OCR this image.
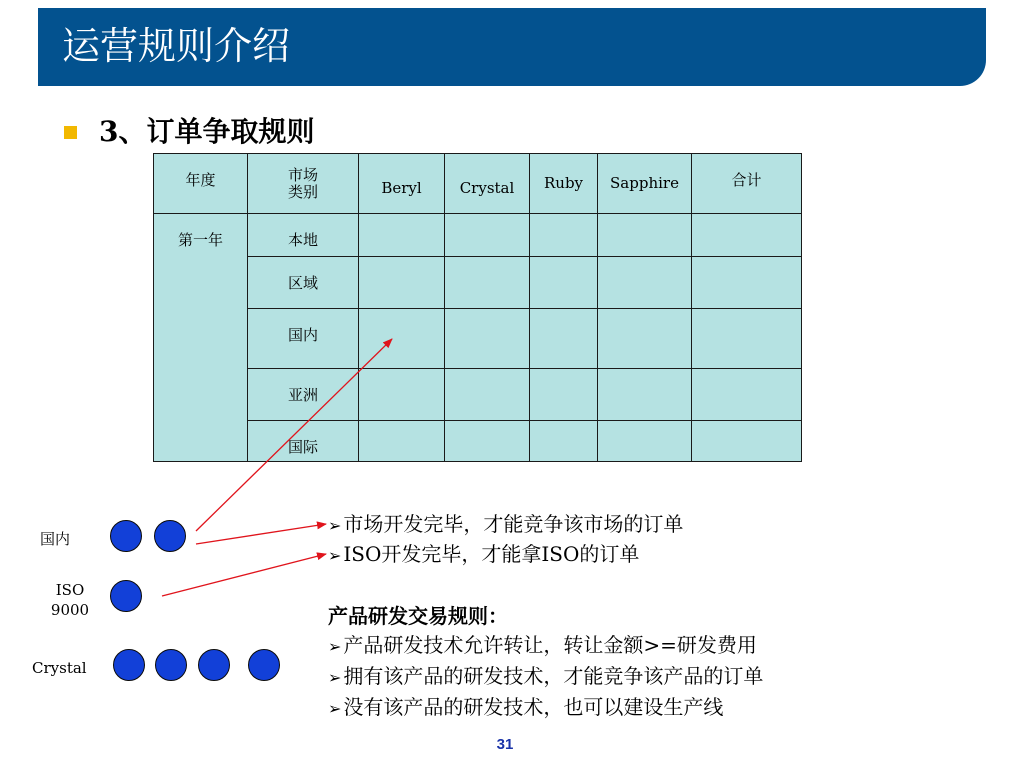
运营规则介绍
3、订单争取规则
年度	市场类别	Beryl	Crystal	Ruby	Sapphire	合计
第一年	本地					
	区域					
	国内					
	亚洲					
	国际					
国内
ISO
9000
Crystal
➢ 市场开发完毕，才能竞争该市场的订单
➢ ISO开发完毕，才能拿ISO的订单
产品研发交易规则：
➢ 产品研发技术允许转让，转让金额>=研发费用
➢ 拥有该产品的研发技术，才能竞争该产品的订单
➢ 没有该产品的研发技术，也可以建设生产线
31
